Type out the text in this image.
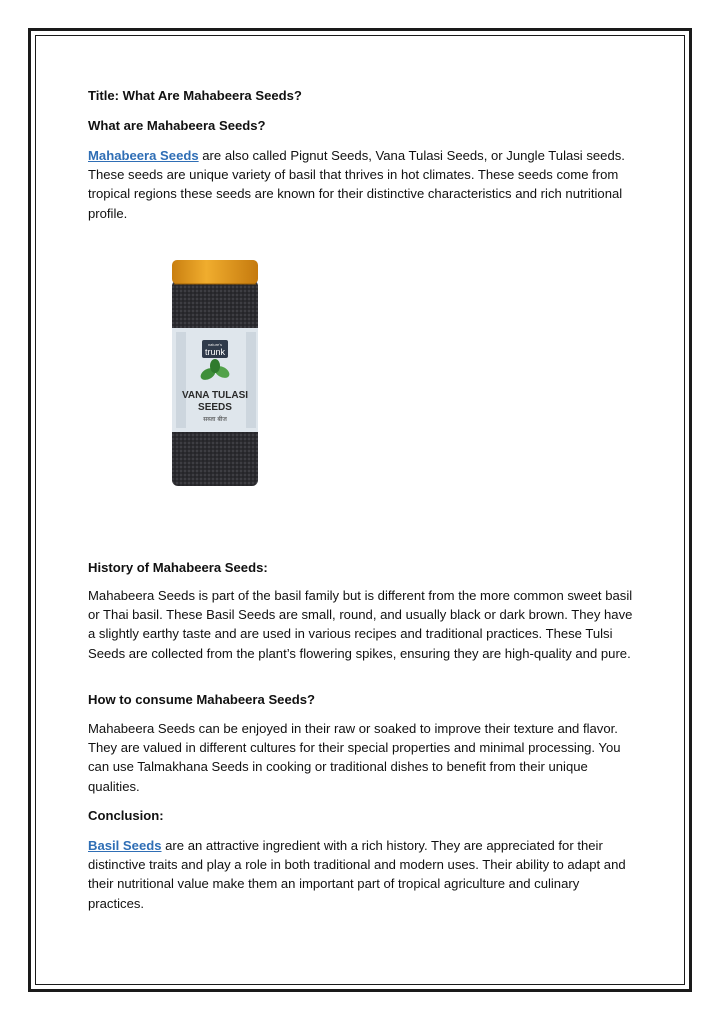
Title: What Are Mahabeera Seeds?

What are Mahabeera Seeds?

Mahabeera Seeds are also called Pignut Seeds, Vana Tulasi Seeds, or Jungle Tulasi seeds. These seeds are unique variety of basil that thrives in hot climates. These seeds come from tropical regions these seeds are known for their distinctive characteristics and rich nutritional profile.

History of Mahabeera Seeds:

Mahabeera Seeds is part of the basil family but is different from the more common sweet basil or Thai basil. These Basil Seeds are small, round, and usually black or dark brown. They have a slightly earthy taste and are used in various recipes and traditional practices. These Tulsi Seeds are collected from the plant’s flowering spikes, ensuring they are high-quality and pure.

How to consume Mahabeera Seeds?

Mahabeera Seeds can be enjoyed in their raw or soaked to improve their texture and flavor. They are valued in different cultures for their special properties and minimal processing. You can use Talmakhana Seeds in cooking or traditional dishes to benefit from their unique qualities.

Conclusion:

Basil Seeds are an attractive ingredient with a rich history. They are appreciated for their distinctive traits and play a role in both traditional and modern uses. Their ability to adapt and their nutritional value make them an important part of tropical agriculture and culinary practices.

nature's
trunk
VANA TULASI
SEEDS
सब्जा बीज
